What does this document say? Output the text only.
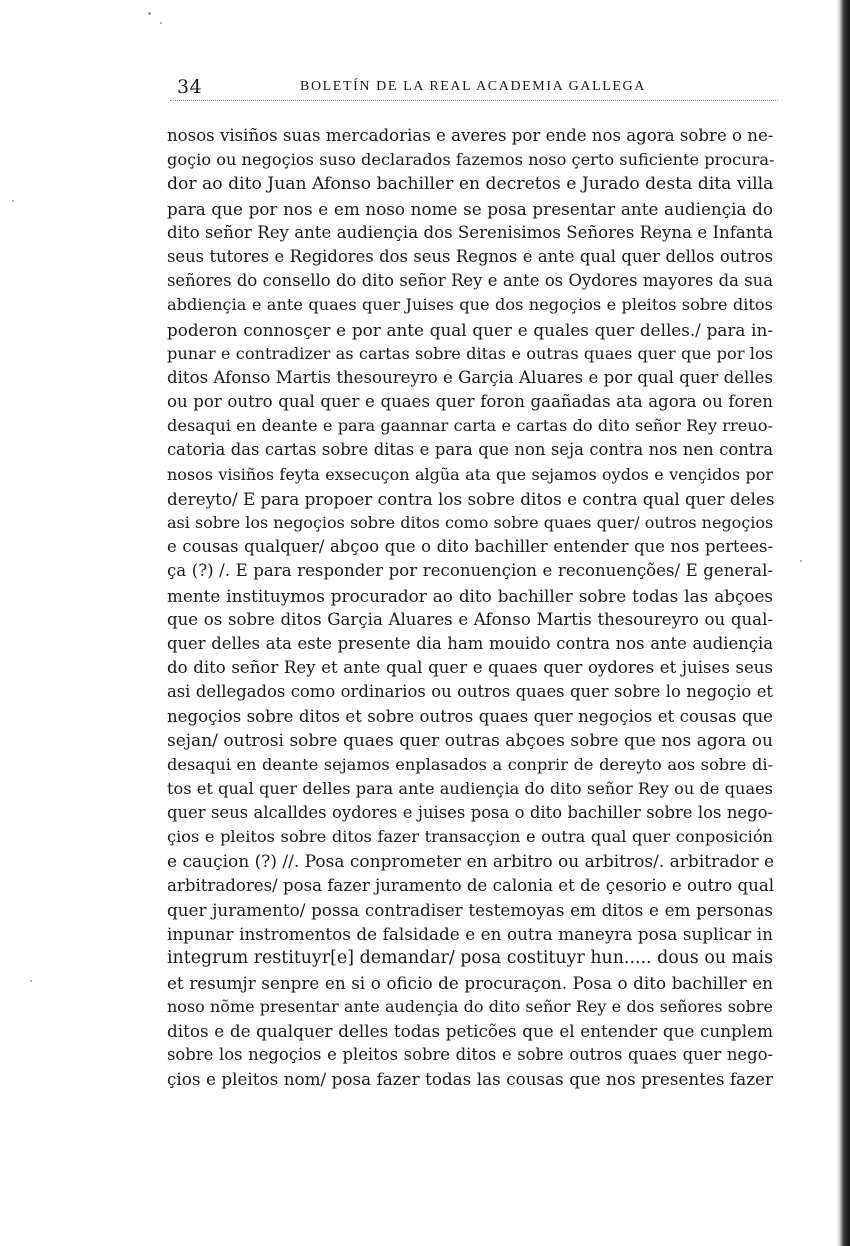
34	BOLETÍN DE LA REAL ACADEMIA GALLEGA
nosos visiños suas mercadorias e averes por ende nos agora sobre o ne-
goçio ou negoçios suso declarados fazemos noso çerto suficiente procura-
dor ao dito Juan Afonso bachiller en decretos e Jurado desta dita villa
para que por nos e em noso nome se posa presentar ante audiençia do
dito señor Rey ante audiençia dos Serenisimos Señores Reyna e Infanta
seus tutores e Regidores dos seus Regnos e ante qual quer dellos outros
señores do consello do dito señor Rey e ante os Oydores mayores da sua
abdiençia e ante quaes quer Juises que dos negoçios e pleitos sobre ditos
poderon connosçer e por ante qual quer e quales quer delles./ para in-
punar e contradizer as cartas sobre ditas e outras quaes quer que por los
ditos Afonso Martis thesoureyro e Garçia Aluares e por qual quer delles
ou por outro qual quer e quaes quer foron gaañadas ata agora ou foren
desaqui en deante e para gaannar carta e cartas do dito señor Rey rreuo-
catoria das cartas sobre ditas e para que non seja contra nos nen contra
nosos visiños feyta exsecuçon algũa ata que sejamos oydos e vençidos por
dereyto/ E para propoer contra los sobre ditos e contra qual quer deles
asi sobre los negoçios sobre ditos como sobre quaes quer/ outros negoçios
e cousas qualquer/ abçoo que o dito bachiller entender que nos pertees-
ça (?) /. E para responder por reconuençion e reconuenções/ E general-
mente instituymos procurador ao dito bachiller sobre todas las abçoes
que os sobre ditos Garçia Aluares e Afonso Martis thesoureyro ou qual-
quer delles ata este presente dia ham mouido contra nos ante audiençia
do dito señor Rey et ante qual quer e quaes quer oydores et juises seus
asi dellegados como ordinarios ou outros quaes quer sobre lo negoçio et
negoçios sobre ditos et sobre outros quaes quer negoçios et cousas que
sejan/ outrosi sobre quaes quer outras abçoes sobre que nos agora ou
desaqui en deante sejamos enplasados a conprir de dereyto aos sobre di-
tos et qual quer delles para ante audiençia do dito señor Rey ou de quaes
quer seus alcalldes oydores e juises posa o dito bachiller sobre los nego-
çios e pleitos sobre ditos fazer transacçion e outra qual quer conposición
e cauçion (?) //. Posa conprometer en arbitro ou arbitros/. arbitrador e
arbitradores/ posa fazer juramento de calonia et de çesorio e outro qual
quer juramento/ possa contradiser testemoyas em ditos e em personas
inpunar instromentos de falsidade e en outra maneyra posa suplicar in
integrum restituyr[e] demandar/ posa costituyr hun..... dous ou mais
et resumjr senpre en si o oficio de procuraçon. Posa o dito bachiller en
noso nõme presentar ante audençia do dito señor Rey e dos señores sobre
ditos e de qualquer delles todas peticões que el entender que cunplem
sobre los negoçios e pleitos sobre ditos e sobre outros quaes quer nego-
çios e pleitos nom/ posa fazer todas las cousas que nos presentes fazer
